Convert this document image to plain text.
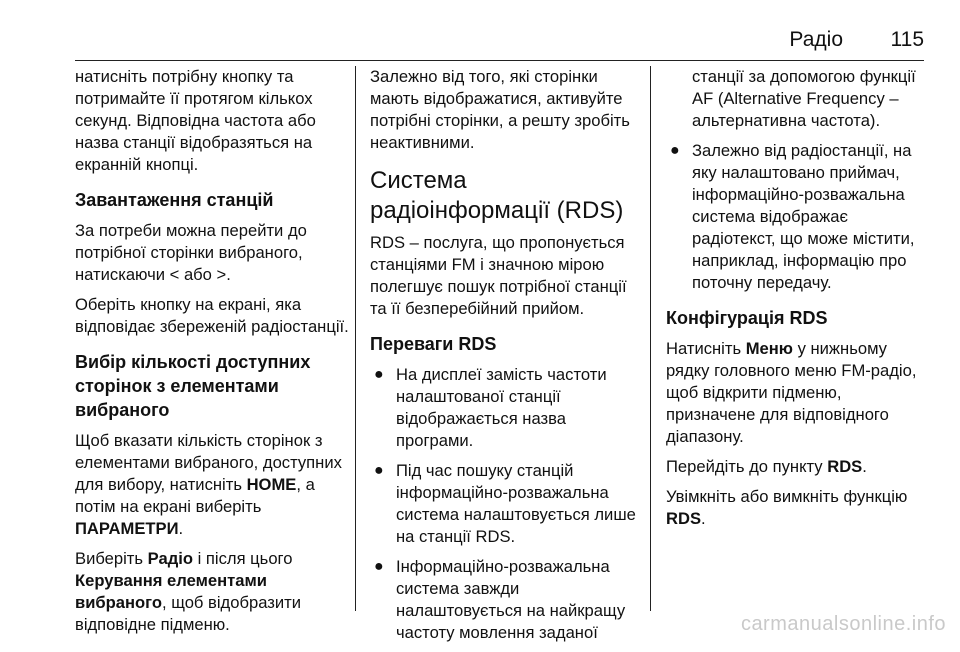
Радіо 115

натисніть потрібну кнопку та потримайте її протягом кількох секунд. Відповідна частота або назва станції відобразяться на екранній кнопці.

Завантаження станцій

За потреби можна перейти до потрібної сторінки вибраного, натискаючи < або >.

Оберіть кнопку на екрані, яка відповідає збереженій радіостанції.

Вибір кількості доступних сторінок з елементами вибраного

Щоб вказати кількість сторінок з елементами вибраного, доступних для вибору, натисніть HOME, а потім на екрані виберіть ПАРАМЕТРИ.

Виберіть Радіо і після цього Керування елементами вибраного, щоб відобразити відповідне підменю.

Залежно від того, які сторінки мають відображатися, активуйте потрібні сторінки, а решту зробіть неактивними.

Система радіоінформації (RDS)

RDS – послуга, що пропонується станціями FM і значною мірою полегшує пошук потрібної станції та її безперебійний прийом.

Переваги RDS
● На дисплеї замість частоти налаштованої станції відображається назва програми.
● Під час пошуку станцій інформаційно-розважальна система налаштовується лише на станції RDS.
● Інформаційно-розважальна система завжди налаштовується на найкращу частоту мовлення заданої

станції за допомогою функції AF (Alternative Frequency – альтернативна частота).

● Залежно від радіостанції, на яку налаштовано приймач, інформаційно-розважальна система відображає радіотекст, що може містити, наприклад, інформацію про поточну передачу.
Конфігурація RDS

Натисніть Меню у нижньому рядку головного меню FM-радіо, щоб відкрити підменю, призначене для відповідного діапазону.

Перейдіть до пункту RDS.

Увімкніть або вимкніть функцію RDS.

carmanualsonline.info
